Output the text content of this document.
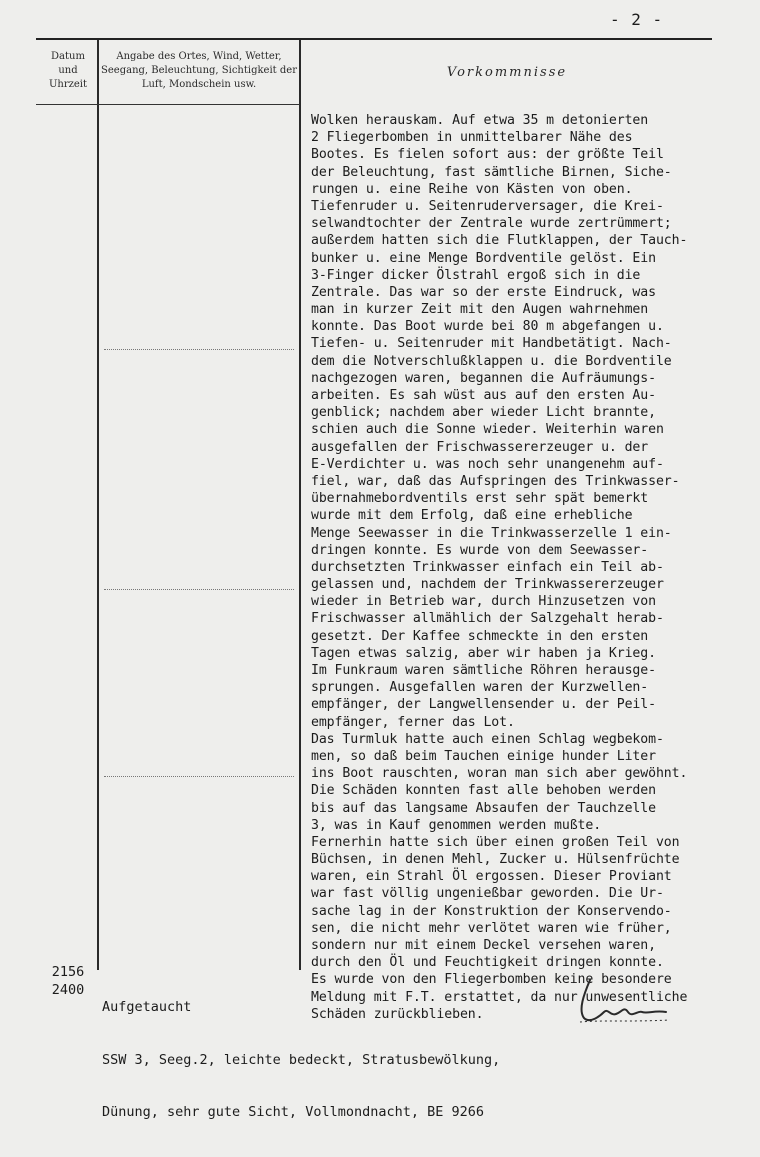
- 2 -
Datum und Uhrzeit
Angabe des Ortes, Wind, Wetter, Seegang, Beleuchtung, Sichtigkeit der Luft, Mondschein usw.
Vorkommnisse
Wolken herauskam. Auf etwa 35 m detonierten
2 Fliegerbomben in unmittelbarer Nähe des
Bootes. Es fielen sofort aus: der größte Teil
der Beleuchtung, fast sämtliche Birnen, Siche-
rungen u. eine Reihe von Kästen von oben.
Tiefenruder u. Seitenruderversager, die Krei-
selwandtochter der Zentrale wurde zertrümmert;
außerdem hatten sich die Flutklappen, der Tauch-
bunker u. eine Menge Bordventile gelöst. Ein
3-Finger dicker Ölstrahl ergoß sich in die
Zentrale. Das war so der erste Eindruck, was
man in kurzer Zeit mit den Augen wahrnehmen
konnte. Das Boot wurde bei 80 m abgefangen u.
Tiefen- u. Seitenruder mit Handbetätigt. Nach-
dem die Notverschlußklappen u. die Bordventile
nachgezogen waren, begannen die Aufräumungs-
arbeiten. Es sah wüst aus auf den ersten Au-
genblick; nachdem aber wieder Licht brannte,
schien auch die Sonne wieder. Weiterhin waren
ausgefallen der Frischwassererzeuger u. der
E-Verdichter u. was noch sehr unangenehm auf-
fiel, war, daß das Aufspringen des Trinkwasser-
übernahmebordventils erst sehr spät bemerkt
wurde mit dem Erfolg, daß eine erhebliche
Menge Seewasser in die Trinkwasserzelle 1 ein-
dringen konnte. Es wurde von dem Seewasser-
durchsetzten Trinkwasser einfach ein Teil ab-
gelassen und, nachdem der Trinkwassererzeuger
wieder in Betrieb war, durch Hinzusetzen von
Frischwasser allmählich der Salzgehalt herab-
gesetzt. Der Kaffee schmeckte in den ersten
Tagen etwas salzig, aber wir haben ja Krieg.
Im Funkraum waren sämtliche Röhren herausge-
sprungen. Ausgefallen waren der Kurzwellen-
empfänger, der Langwellensender u. der Peil-
empfänger, ferner das Lot.
Das Turmluk hatte auch einen Schlag wegbekom-
men, so daß beim Tauchen einige hunder Liter
ins Boot rauschten, woran man sich aber gewöhnt.
Die Schäden konnten fast alle behoben werden
bis auf das langsame Absaufen der Tauchzelle
3, was in Kauf genommen werden mußte.
Fernerhin hatte sich über einen großen Teil von
Büchsen, in denen Mehl, Zucker u. Hülsenfrüchte
waren, ein Strahl Öl ergossen. Dieser Proviant
war fast völlig ungenießbar geworden. Die Ur-
sache lag in der Konstruktion der Konservendo-
sen, die nicht mehr verlötet waren wie früher,
sondern nur mit einem Deckel versehen waren,
durch den Öl und Feuchtigkeit dringen konnte.
Es wurde von den Fliegerbomben keine besondere
Meldung mit F.T. erstattet, da nur unwesentliche
Schäden zurückblieben.
2156
2400

Aufgetaucht

SSW 3, Seeg.2, leichte bedeckt, Stratusbewölkung,

Dünung, sehr gute Sicht, Vollmondnacht, BE 9266
